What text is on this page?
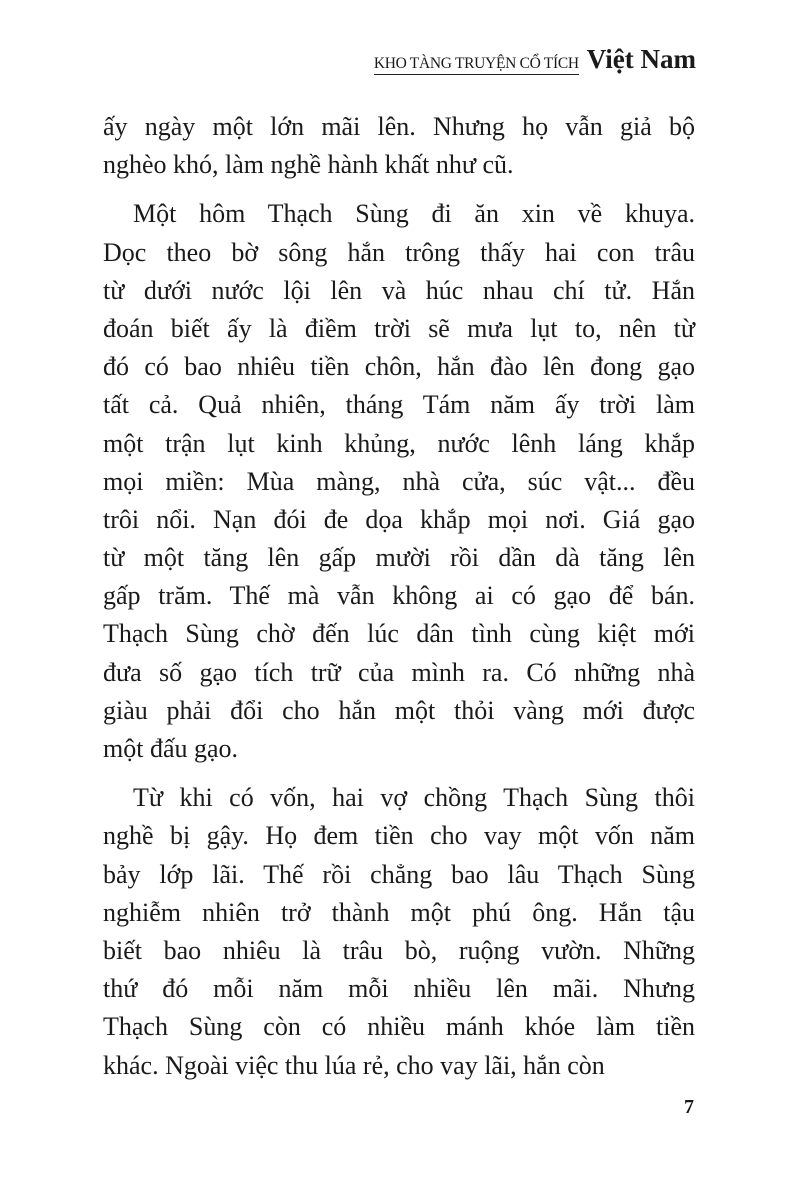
KHO TÀNG TRUYỆN CỔ TÍCH Việt Nam
ấy ngày một lớn mãi lên. Nhưng họ vẫn giả bộ
nghèo khó, làm nghề hành khất như cũ.
Một hôm Thạch Sùng đi ăn xin về khuya.
Dọc theo bờ sông hắn trông thấy hai con trâu
từ dưới nước lội lên và húc nhau chí tử. Hắn
đoán biết ấy là điềm trời sẽ mưa lụt to, nên từ
đó có bao nhiêu tiền chôn, hắn đào lên đong gạo
tất cả. Quả nhiên, tháng Tám năm ấy trời làm
một trận lụt kinh khủng, nước lênh láng khắp
mọi miền: Mùa màng, nhà cửa, súc vật... đều
trôi nổi. Nạn đói đe dọa khắp mọi nơi. Giá gạo
từ một tăng lên gấp mười rồi dần dà tăng lên
gấp trăm. Thế mà vẫn không ai có gạo để bán.
Thạch Sùng chờ đến lúc dân tình cùng kiệt mới
đưa số gạo tích trữ của mình ra. Có những nhà
giàu phải đổi cho hắn một thỏi vàng mới được
một đấu gạo.
Từ khi có vốn, hai vợ chồng Thạch Sùng thôi
nghề bị gậy. Họ đem tiền cho vay một vốn năm
bảy lớp lãi. Thế rồi chẳng bao lâu Thạch Sùng
nghiễm nhiên trở thành một phú ông. Hắn tậu
biết bao nhiêu là trâu bò, ruộng vườn. Những
thứ đó mỗi năm mỗi nhiều lên mãi. Nhưng
Thạch Sùng còn có nhiều mánh khóe làm tiền
khác. Ngoài việc thu lúa rẻ, cho vay lãi, hắn còn
7
